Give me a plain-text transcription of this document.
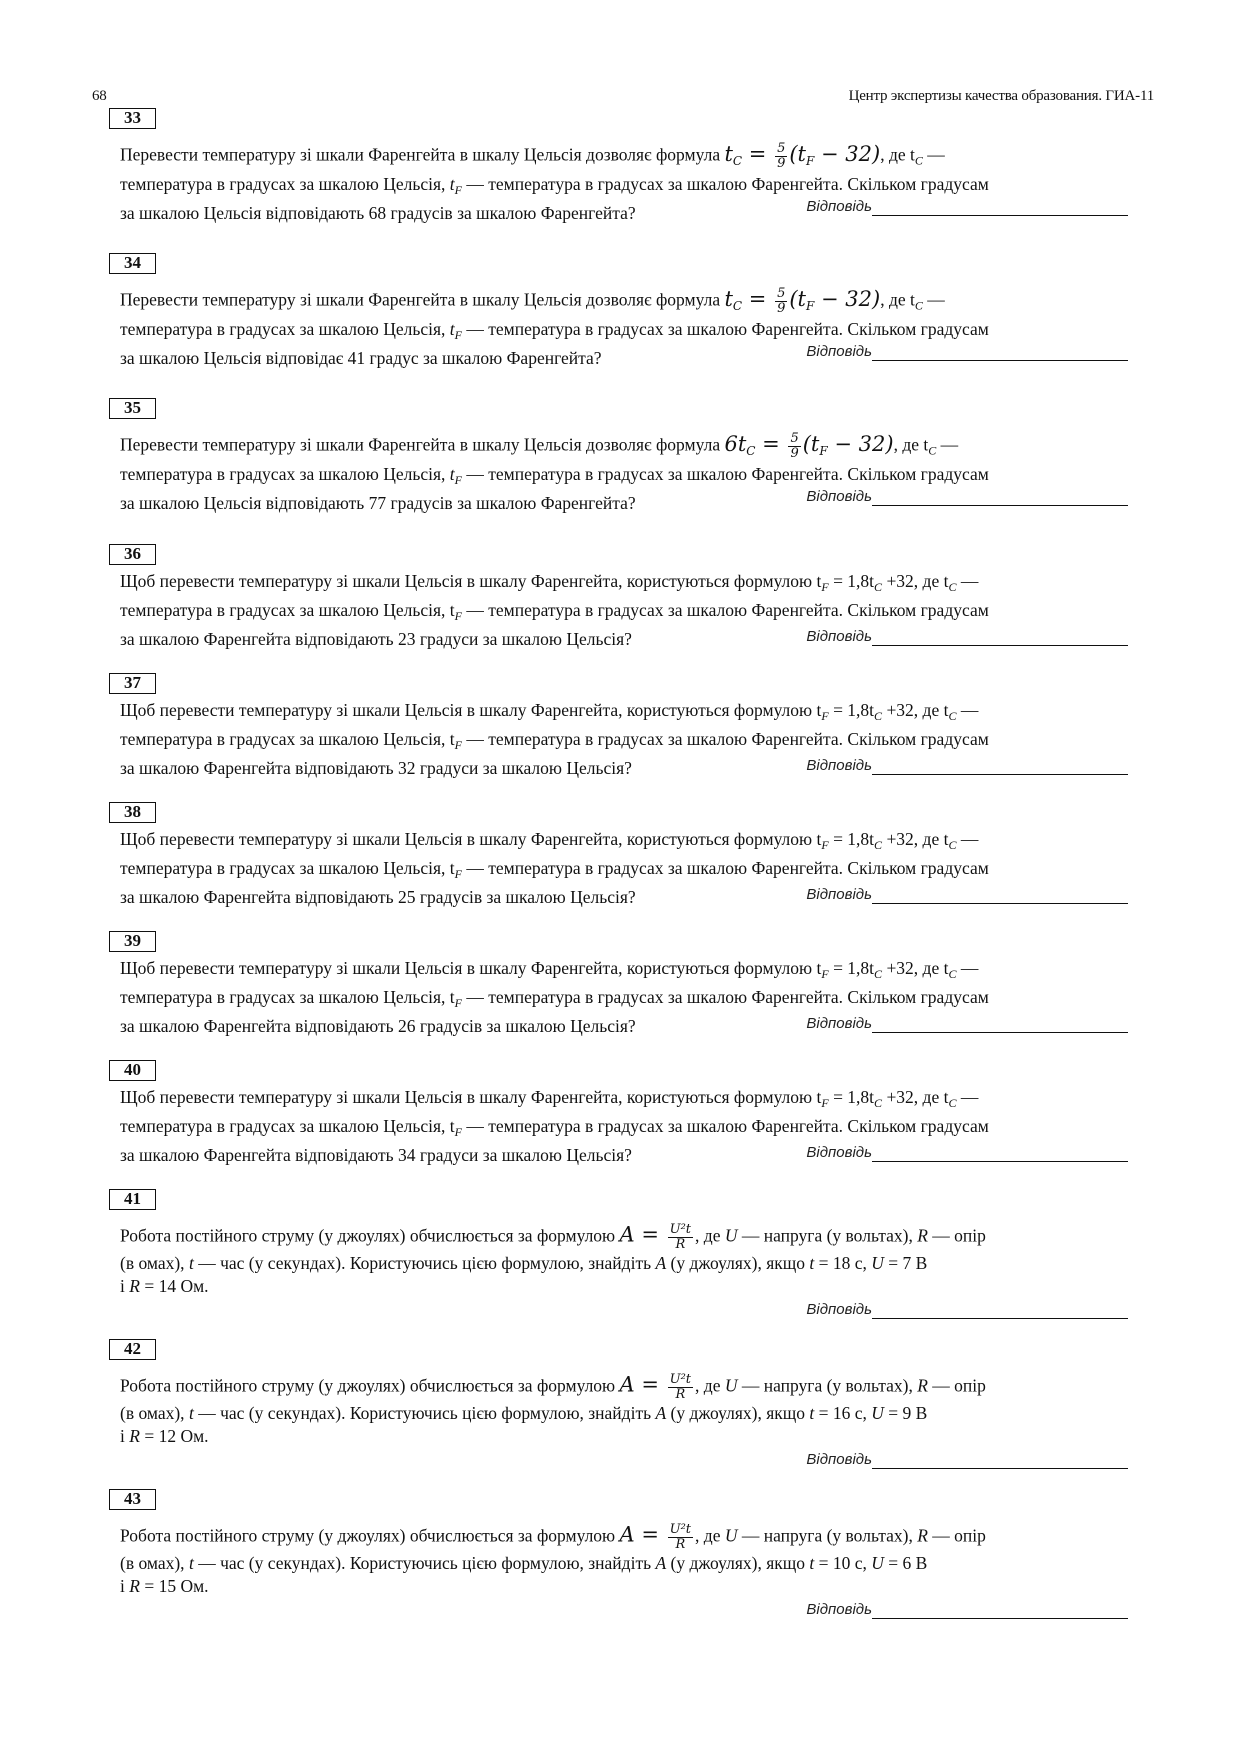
68	Центр экспертизы качества образования. ГИА-11
33
Перевести температуру зі шкали Фаренгейта в шкалу Цельсія дозволяє формула $t_C = \frac{5}{9} (t_F - 32)$, де $t_C$ —
температура в градусах за шкалою Цельсія, $t_F$ — температура в градусах за шкалою Фаренгейта. Скільком градусам
за шкалою Цельсія відповідають 68 градусів за шкалою Фаренгейта?	Відповідь
34
Перевести температуру зі шкали Фаренгейта в шкалу Цельсія дозволяє формула $t_C = \frac{5}{9} (t_F - 32)$, де $t_C$ —
температура в градусах за шкалою Цельсія, $t_F$ — температура в градусах за шкалою Фаренгейта. Скільком градусам
за шкалою Цельсія відповідає 41 градус за шкалою Фаренгейта?	Відповідь
35
Перевести температуру зі шкали Фаренгейта в шкалу Цельсія дозволяє формула $6t_C = \frac{5}{9} (t_F - 32)$, де $t_C$ —
температура в градусах за шкалою Цельсія, $t_F$ — температура в градусах за шкалою Фаренгейта. Скільком градусам
за шкалою Цельсія відповідають 77 градусів за шкалою Фаренгейта?	Відповідь
36
Щоб перевести температуру зі шкали Цельсія в шкалу Фаренгейта, користуються формулою $t_F = 1,8t_C +32$, де $t_C$ —
температура в градусах за шкалою Цельсія, $t_F$ — температура в градусах за шкалою Фаренгейта. Скільком градусам
за шкалою Фаренгейта відповідають 23 градуси за шкалою Цельсія?	Відповідь
37
Щоб перевести температуру зі шкали Цельсія в шкалу Фаренгейта, користуються формулою $t_F = 1,8t_C +32$, де $t_C$ —
температура в градусах за шкалою Цельсія, $t_F$ — температура в градусах за шкалою Фаренгейта. Скільком градусам
за шкалою Фаренгейта відповідають 32 градуси за шкалою Цельсія?	Відповідь
38
Щоб перевести температуру зі шкали Цельсія в шкалу Фаренгейта, користуються формулою $t_F = 1,8t_C +32$, де $t_C$ —
температура в градусах за шкалою Цельсія, $t_F$ — температура в градусах за шкалою Фаренгейта. Скільком градусам
за шкалою Фаренгейта відповідають 25 градусів за шкалою Цельсія?	Відповідь
39
Щоб перевести температуру зі шкали Цельсія в шкалу Фаренгейта, користуються формулою $t_F = 1,8t_C +32$, де $t_C$ —
температура в градусах за шкалою Цельсія, $t_F$ — температура в градусах за шкалою Фаренгейта. Скільком градусам
за шкалою Фаренгейта відповідають 26 градусів за шкалою Цельсія?	Відповідь
40
Щоб перевести температуру зі шкали Цельсія в шкалу Фаренгейта, користуються формулою $t_F = 1,8t_C +32$, де $t_C$ —
температура в градусах за шкалою Цельсія, $t_F$ — температура в градусах за шкалою Фаренгейта. Скільком градусам
за шкалою Фаренгейта відповідають 34 градуси за шкалою Цельсія?	Відповідь
41
Робота постійного струму (у джоулях) обчислюється за формулою $A = \frac{\text{U²t}}{R}$ , де U — напруга (у вольтах), R — опір
(в омах), t — час (у секундах). Користуючись цією формулою, знайдіть A (у джоулях), якщо t = 18 с, U = 7 В
і R = 14 Ом.
Відповідь
42
Робота постійного струму (у джоулях) обчислюється за формулою $A = \frac{\text{U²t}}{R}$ , де U — напруга (у вольтах), R — опір
(в омах), t — час (у секундах). Користуючись цією формулою, знайдіть A (у джоулях), якщо t = 16 с, U = 9 В
і R = 12 Ом.
Відповідь
43
Робота постійного струму (у джоулях) обчислюється за формулою $A = \frac{\text{U²t}}{R}$ , де U — напруга (у вольтах), R — опір
(в омах), t — час (у секундах). Користуючись цією формулою, знайдіть A (у джоулях), якщо t = 10 с, U = 6 В
і R = 15 Ом.
Відповідь
